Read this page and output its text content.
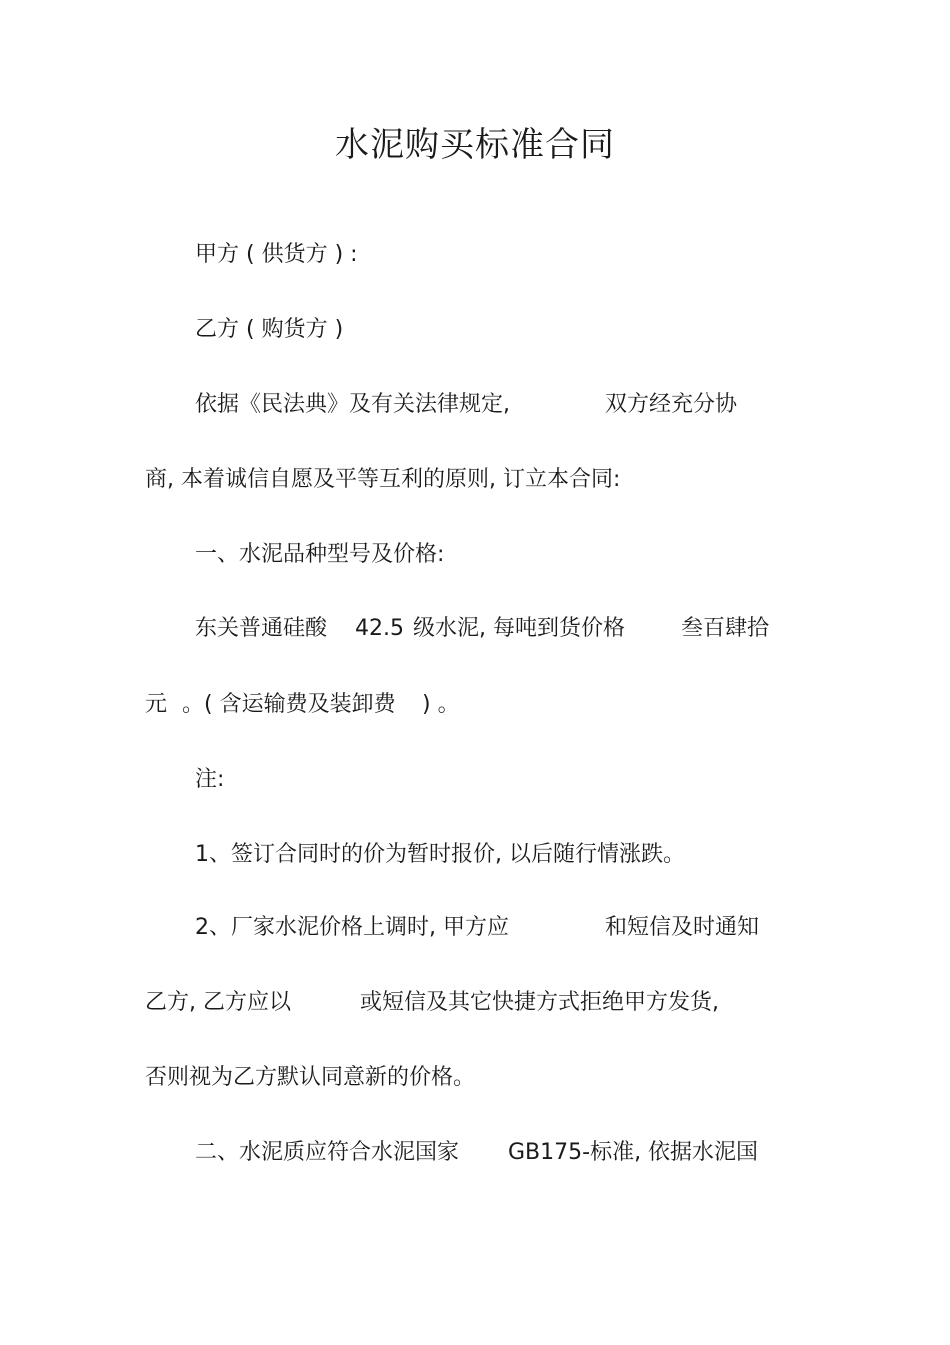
水泥购买标准合同

甲方 ( 供货方 ) :

乙方 ( 购货方 )

依据《民法典》及有关法律规定,	双方经充分协

商, 本着诚信自愿及平等互利的原则, 订立本合同:

一、水泥品种型号及价格:

东关普通硅酸 42.5 级水泥, 每吨到货价格	叁百肆拾

元 。( 含运输费及装卸费 ) 。

注:

1、签订合同时的价为暂时报价, 以后随行情涨跌。

2、厂家水泥价格上调时, 甲方应	和短信及时通知

乙方, 乙方应以	或短信及其它快捷方式拒绝甲方发货,

否则视为乙方默认同意新的价格。

二、水泥质应符合水泥国家 GB175-标准, 依据水泥国
